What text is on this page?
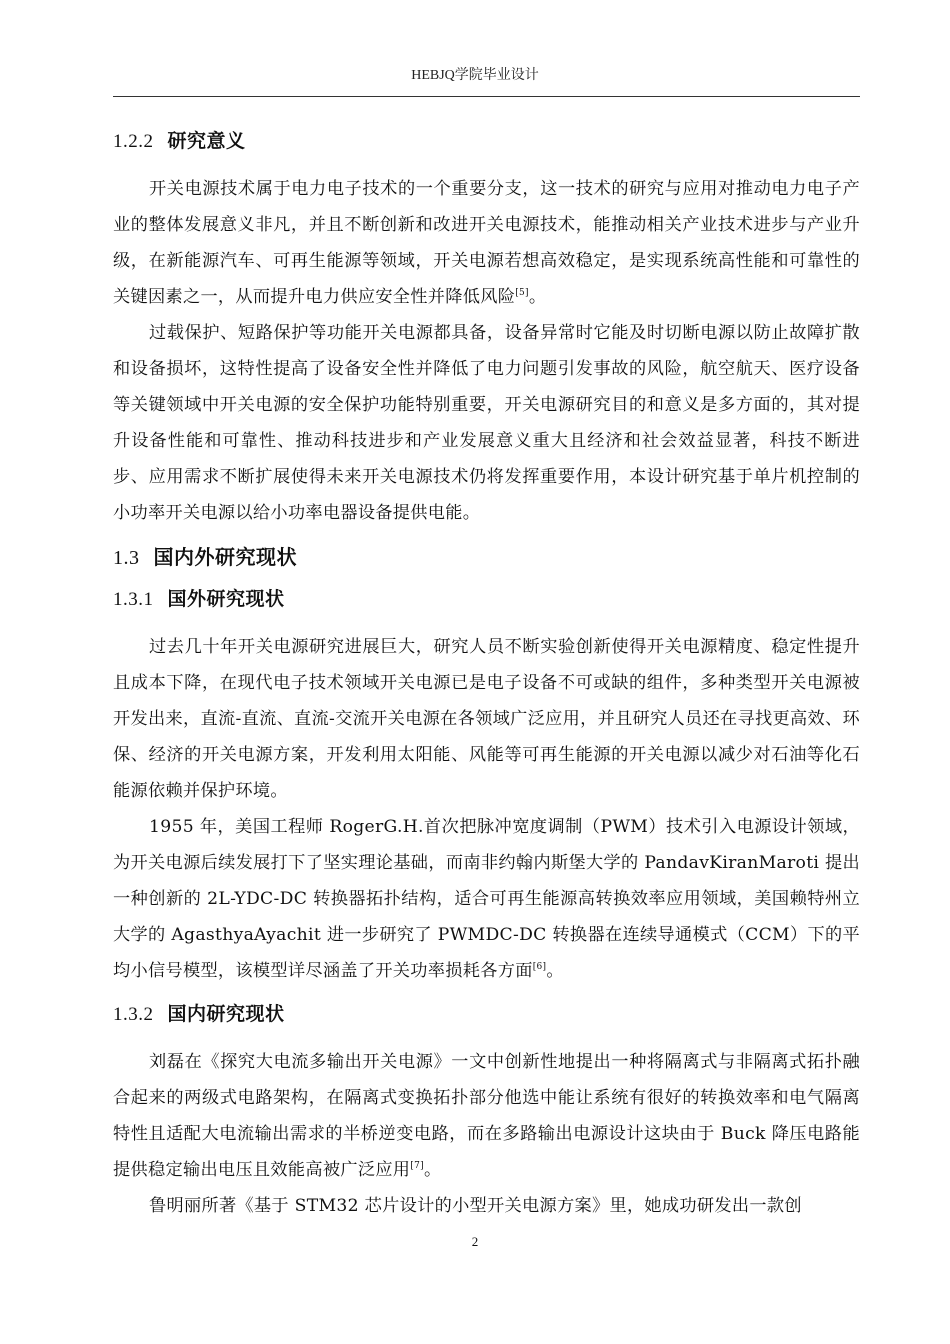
HEBJQ学院毕业设计
1.2.2 研究意义

开关电源技术属于电力电子技术的一个重要分支，这一技术的研究与应用对推动电力电子产业的整体发展意义非凡，并且不断创新和改进开关电源技术，能推动相关产业技术进步与产业升级，在新能源汽车、可再生能源等领域，开关电源若想高效稳定，是实现系统高性能和可靠性的关键因素之一，从而提升电力供应安全性并降低风险[5]。

过载保护、短路保护等功能开关电源都具备，设备异常时它能及时切断电源以防止故障扩散和设备损坏，这特性提高了设备安全性并降低了电力问题引发事故的风险，航空航天、医疗设备等关键领域中开关电源的安全保护功能特别重要，开关电源研究目的和意义是多方面的，其对提升设备性能和可靠性、推动科技进步和产业发展意义重大且经济和社会效益显著，科技不断进步、应用需求不断扩展使得未来开关电源技术仍将发挥重要作用，本设计研究基于单片机控制的小功率开关电源以给小功率电器设备提供电能。

1.3 国内外研究现状
1.3.1 国外研究现状

过去几十年开关电源研究进展巨大，研究人员不断实验创新使得开关电源精度、稳定性提升且成本下降，在现代电子技术领域开关电源已是电子设备不可或缺的组件，多种类型开关电源被开发出来，直流-直流、直流-交流开关电源在各领域广泛应用，并且研究人员还在寻找更高效、环保、经济的开关电源方案，开发利用太阳能、风能等可再生能源的开关电源以减少对石油等化石能源依赖并保护环境。

1955 年，美国工程师 RogerG.H.首次把脉冲宽度调制（PWM）技术引入电源设计领域，为开关电源后续发展打下了坚实理论基础，而南非约翰内斯堡大学的 PandavKiranMaroti 提出一种创新的 2L-YDC-DC 转换器拓扑结构，适合可再生能源高转换效率应用领域，美国赖特州立大学的 AgasthyaAyachit 进一步研究了 PWMDC-DC 转换器在连续导通模式（CCM）下的平均小信号模型，该模型详尽涵盖了开关功率损耗各方面[6]。

1.3.2 国内研究现状

刘磊在《探究大电流多输出开关电源》一文中创新性地提出一种将隔离式与非隔离式拓扑融合起来的两级式电路架构，在隔离式变换拓扑部分他选中能让系统有很好的转换效率和电气隔离特性且适配大电流输出需求的半桥逆变电路，而在多路输出电源设计这块由于 Buck 降压电路能提供稳定输出电压且效能高被广泛应用[7]。

鲁明丽所著《基于 STM32 芯片设计的小型开关电源方案》里，她成功研发出一款创

2
